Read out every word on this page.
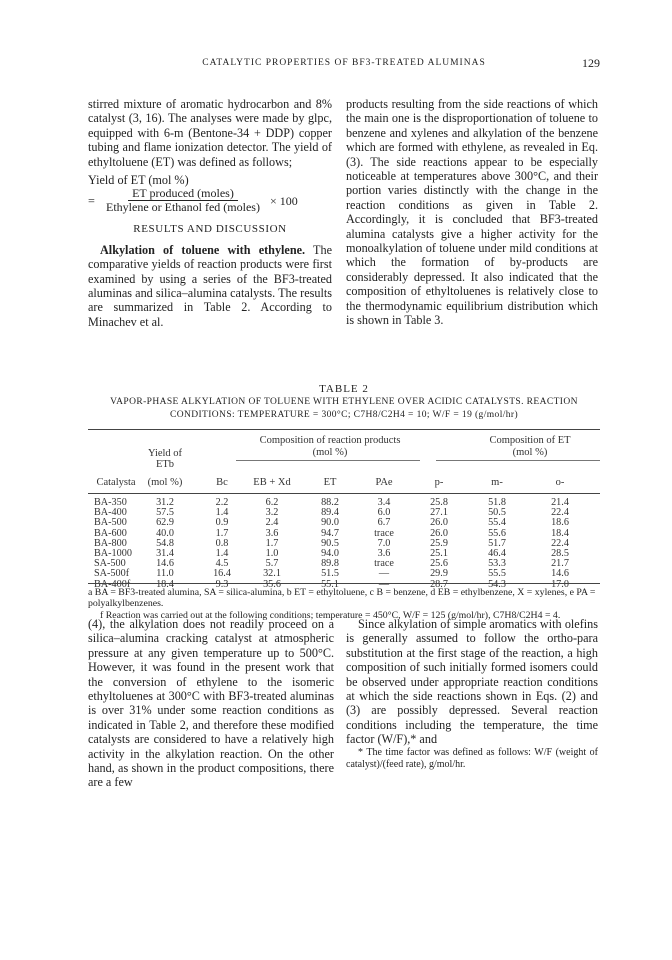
CATALYTIC PROPERTIES OF BF3-TREATED ALUMINAS	129

stirred mixture of aromatic hydrocarbon and 8% catalyst (3, 16). The analyses were made by glpc, equipped with 6-m (Bentone-34 + DDP) copper tubing and flame ionization detector. The yield of ethyltoluene (ET) was defined as follows;

Yield of ET (mol %)
= $\frac{\text{ET produced (moles)}}{\text{Ethylene or Ethanol fed (moles)}} \times 100$
RESULTS AND DISCUSSION

Alkylation of toluene with ethylene. The comparative yields of reaction products were first examined by using a series of the BF3-treated aluminas and silica–alumina catalysts. The results are summarized in Table 2. According to Minachev et al.

products resulting from the side reactions of which the main one is the disproportionation of toluene to benzene and xylenes and alkylation of the benzene which are formed with ethylene, as revealed in Eq. (3). The side reactions appear to be especially noticeable at temperatures above 300°C, and their portion varies distinctly with the change in the reaction conditions as given in Table 2. Accordingly, it is concluded that BF3-treated alumina catalysts give a higher activity for the monoalkylation of toluene under mild conditions at which the formation of by-products are considerably depressed. It also indicated that the composition of ethyltoluenes is relatively close to the thermodynamic equilibrium distribution which is shown in Table 3.

TABLE 2
VAPOR-PHASE ALKYLATION OF TOLUENE WITH ETHYLENE OVER ACIDIC CATALYSTS. REACTION
CONDITIONS: TEMPERATURE = 300°C; C7H8/C2H4 = 10; W/F = 19 (g/mol/hr)
Composition of reaction products
(mol %)
Composition of ET
(mol %)
Yield of
ETb
Catalysta	(mol %)	Bc	EB + Xd	ET	PAe	p-	m-	o-
BA-350	31.2	2.2	6.2	88.2	3.4	25.8	51.8	21.4
BA-400	57.5	1.4	3.2	89.4	6.0	27.1	50.5	22.4
BA-500	62.9	0.9	2.4	90.0	6.7	26.0	55.4	18.6
BA-600	40.0	1.7	3.6	94.7	trace	26.0	55.6	18.4
BA-800	54.8	0.8	1.7	90.5	7.0	25.9	51.7	22.4
BA-1000	31.4	1.4	1.0	94.0	3.6	25.1	46.4	28.5
SA-500	14.6	4.5	5.7	89.8	trace	25.6	53.3	21.7
SA-500f	11.0	16.4	32.1	51.5	—	29.9	55.5	14.6
BA-400f	18.4	9.3	35.6	55.1	—	28.7	54.3	17.0

a BA = BF3-treated alumina, SA = silica-alumina, b ET = ethyltoluene, c B = benzene, d EB = ethylbenzene, X = xylenes, e PA = polyalkylbenzenes.

f Reaction was carried out at the following conditions; temperature = 450°C, W/F = 125 (g/mol/hr), C7H8/C2H4 = 4.

(4), the alkylation does not readily proceed on a silica–alumina cracking catalyst at atmospheric pressure at any given temperature up to 500°C. However, it was found in the present work that the conversion of ethylene to the isomeric ethyltoluenes at 300°C with BF3-treated aluminas is over 31% under some reaction conditions as indicated in Table 2, and therefore these modified catalysts are considered to have a relatively high activity in the alkylation reaction. On the other hand, as shown in the product compositions, there are a few

Since alkylation of simple aromatics with olefins is generally assumed to follow the ortho-para substitution at the first stage of the reaction, a high composition of such initially formed isomers could be observed under appropriate reaction conditions at which the side reactions shown in Eqs. (2) and (3) are possibly depressed. Several reaction conditions including the temperature, the time factor (W/F),* and

* The time factor was defined as follows: W/F (weight of catalyst)/(feed rate), g/mol/hr.
